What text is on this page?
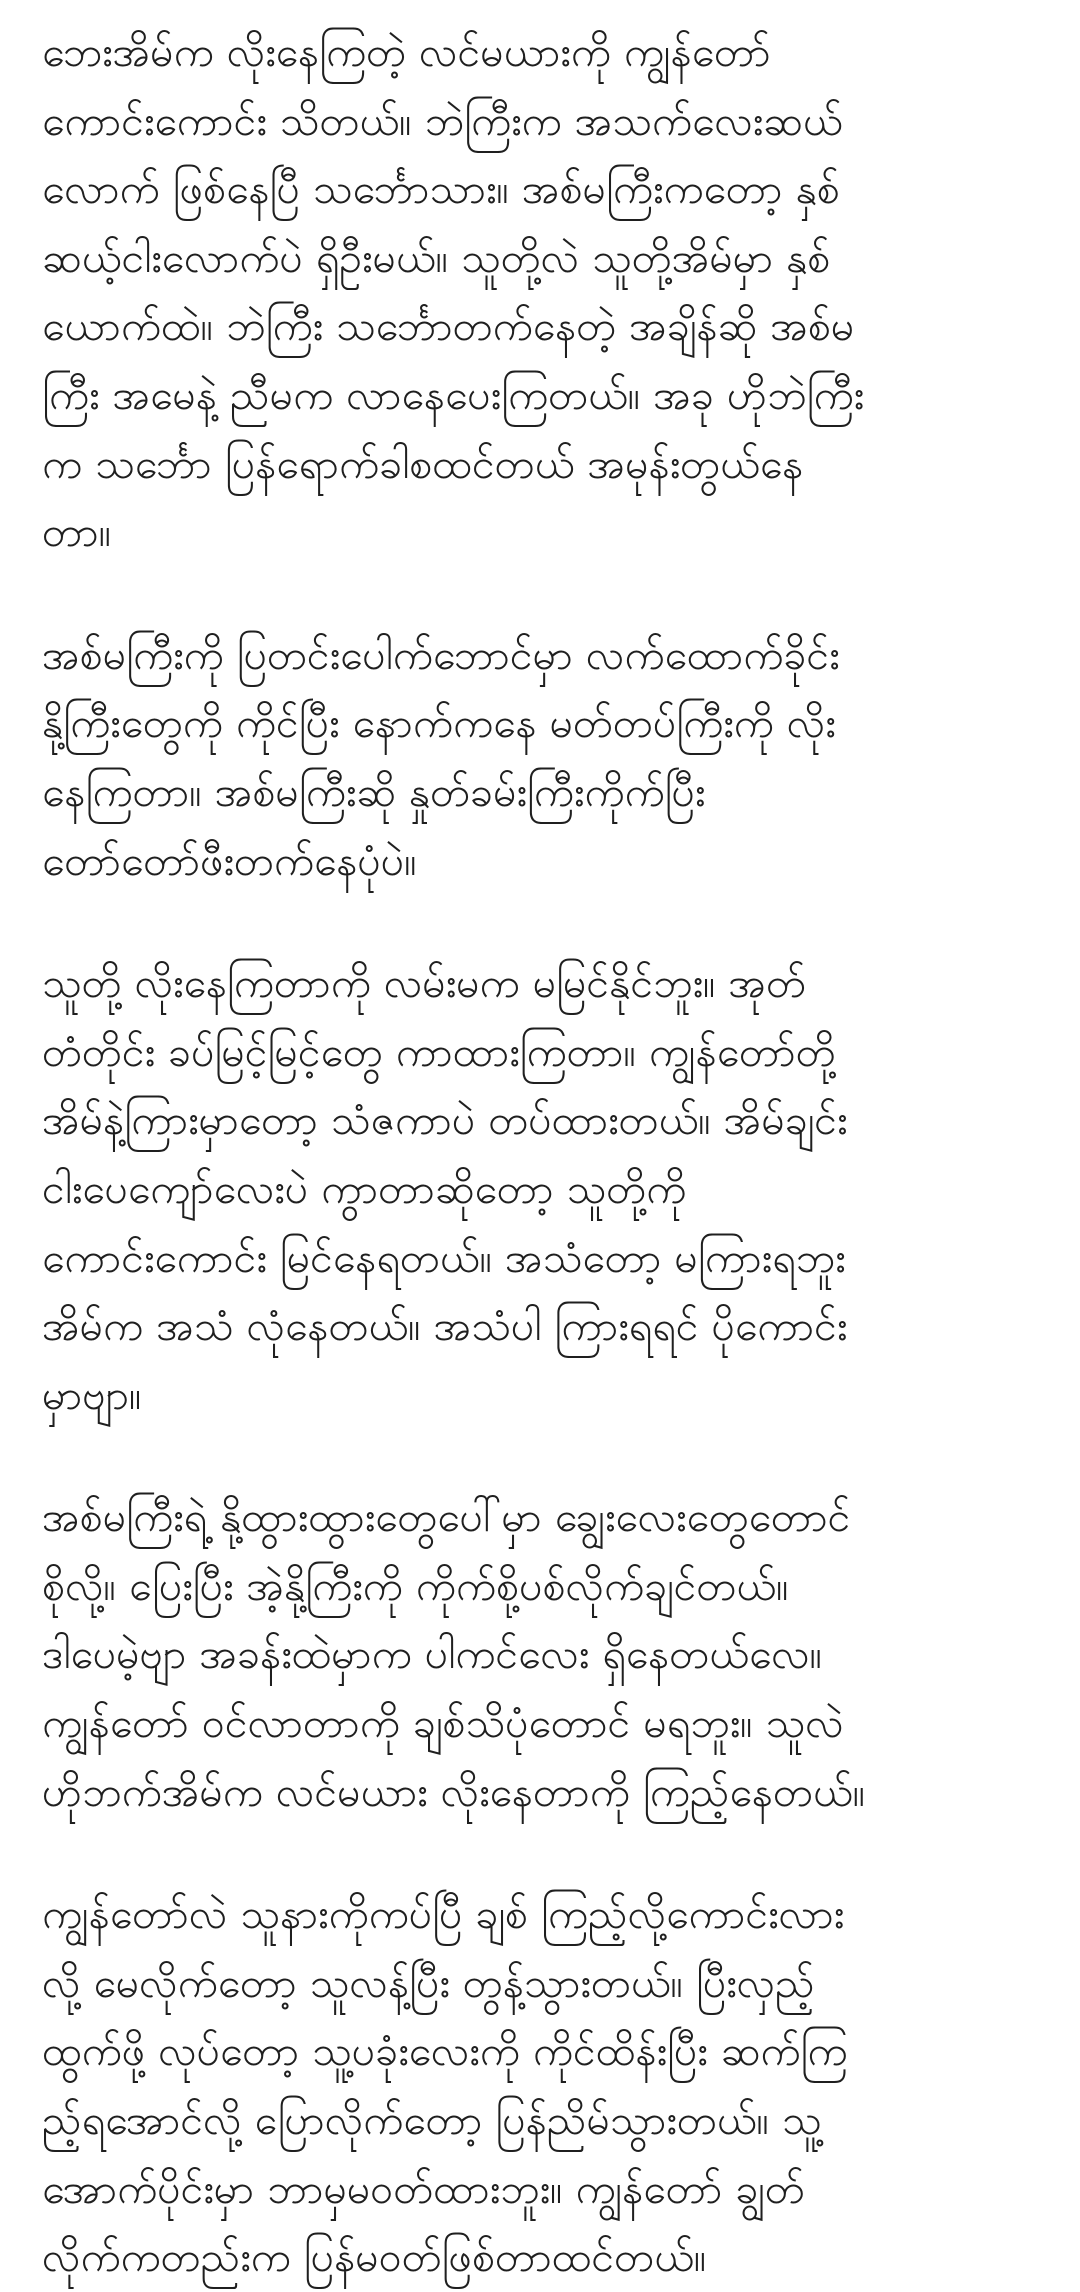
ဘေးအိမ်က လိုးနေကြတဲ့ လင်မယားကို ကျွန်တော်
ကောင်းကောင်း သိတယ်။ ဘဲကြီးက အသက်လေးဆယ်
လောက် ဖြစ်နေပြီ သင်္ဘောသား။ အစ်မကြီးကတော့ နှစ်
ဆယ့်ငါးလောက်ပဲ ရှိဦးမယ်။ သူတို့လဲ သူတို့အိမ်မှာ နှစ်
ယောက်ထဲ။ ဘဲကြီး သင်္ဘောတက်နေတဲ့ အချိန်ဆို အစ်မ
ကြီး အမေနဲ့ ညီမက လာနေပေးကြတယ်။ အခု ဟိုဘဲကြီး
က သင်္ဘော ပြန်ရောက်ခါစထင်တယ် အမုန်းတွယ်နေ
တာ။
အစ်မကြီးကို ပြတင်းပေါက်ဘောင်မှာ လက်ထောက်ခိုင်း
နို့ကြီးတွေကို ကိုင်ပြီး နောက်ကနေ မတ်တပ်ကြီးကို လိုး
နေကြတာ။ အစ်မကြီးဆို နှုတ်ခမ်းကြီးကိုက်ပြီး
တော်တော်ဖီးတက်နေပုံပဲ။
သူတို့ လိုးနေကြတာကို လမ်းမက မမြင်နိုင်ဘူး။ အုတ်
တံတိုင်း ခပ်မြင့်မြင့်တွေ ကာထားကြတာ။ ကျွန်တော်တို့
အိမ်နဲ့ကြားမှာတော့ သံဇကာပဲ တပ်ထားတယ်။ အိမ်ချင်း
ငါးပေကျော်လေးပဲ ကွာတာဆိုတော့ သူတို့ကို
ကောင်းကောင်း မြင်နေရတယ်။ အသံတော့ မကြားရဘူး
အိမ်က အသံ လုံနေတယ်။ အသံပါ ကြားရရင် ပိုကောင်း
မှာဗျာ။
အစ်မကြီးရဲ့ နို့ထွားထွားတွေပေါ်မှာ ချွေးလေးတွေတောင်
စိုလို့။ ပြေးပြီး အဲ့နို့ကြီးကို ကိုက်စို့ပစ်လိုက်ချင်တယ်။
ဒါပေမဲ့ဗျာ အခန်းထဲမှာက ပါကင်လေး ရှိနေတယ်လေ။
ကျွန်တော် ဝင်လာတာကို ချစ်သိပုံတောင် မရဘူး။ သူလဲ
ဟိုဘက်အိမ်က လင်မယား လိုးနေတာကို ကြည့်နေတယ်။
ကျွန်တော်လဲ သူနားကိုကပ်ပြီ ချစ် ကြည့်လို့ကောင်းလား
လို့ မေလိုက်တော့ သူလန့်ပြီး တွန့်သွားတယ်။ ပြီးလှည့်
ထွက်ဖို့ လုပ်တော့ သူ့ပခုံးလေးကို ကိုင်ထိန်းပြီး ဆက်ကြ
ည့်ရအောင်လို့ ပြောလိုက်တော့ ပြန်ညိမ်သွားတယ်။ သူ့
အောက်ပိုင်းမှာ ဘာမှမဝတ်ထားဘူး။ ကျွန်တော် ချွတ်
လိုက်ကတည်းက ပြန်မဝတ်ဖြစ်တာထင်တယ်။
